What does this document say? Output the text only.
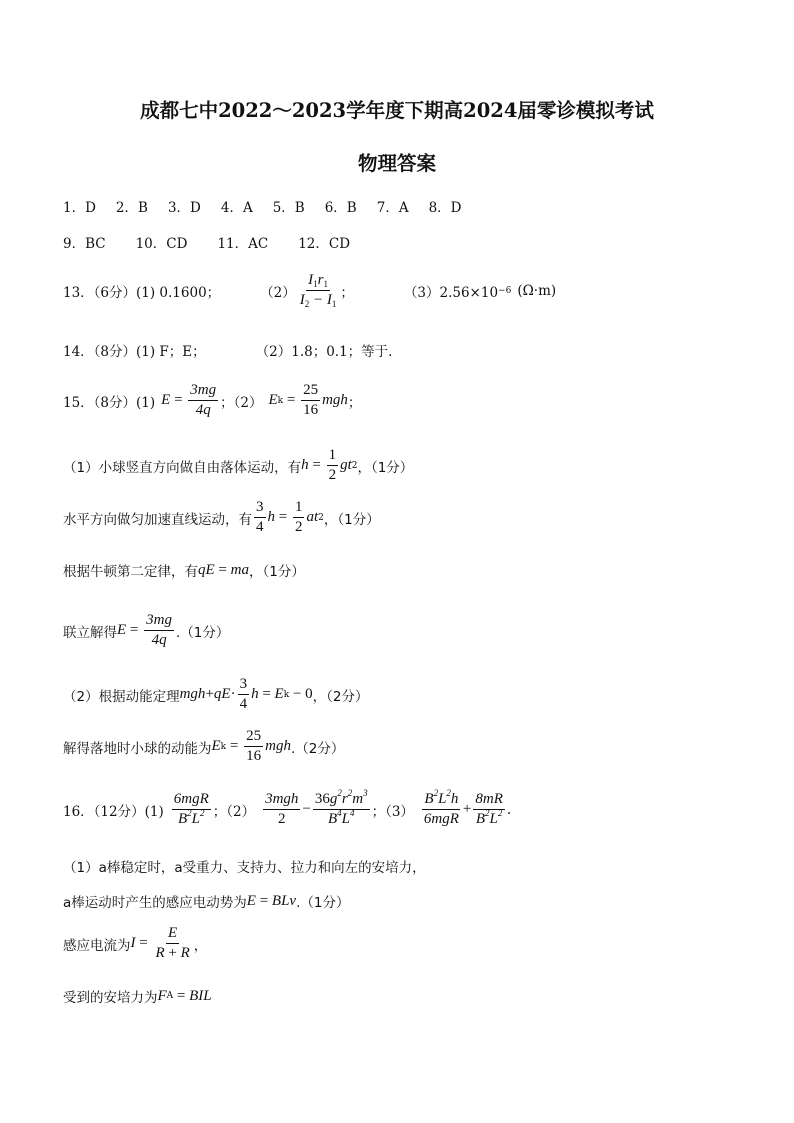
成都七中2022～2023学年度下期高2024届零诊模拟考试
物理答案
1．D 2．B 3．D 4．A 5．B 6．B 7．A 8．D
9．BC 10．CD 11．AC 12．CD
13．（6分）(1) 0.1600；	$(2) \frac{I_1r_1}{I_2 - I_1}$ ；	（3）2.56×10 −6 (Ω·m)
14．（8分）(1) F；E；	（2）1.8；0.1；等于.
15．（8分）(1) $E = \frac{3mg}{4q}$ ；（2） E $k = \frac{25}{16}$ mgh ；
（1）小球竖直方向做自由落体运动，有 $h = \frac{1}{2}$ gt 2 ，（1分）
水平方向做匀加速直线运动，有 $\frac{3}{4}$ $h = \frac{1}{2}$ at 2 ，（1分）
根据牛顿第二定律，有 qE = ma ，（1分）
联立解得 $E = \frac{3mg}{4q} .(1$分）
（2）根据动能定理 mgh + qE · $\frac{3}{4}$ h = E k − 0 ，（2分）
解得落地时小球的动能为 E $k = \frac{25}{16}$ mgh .（2分）
16．（12分）$(1) \frac{\text{6mgR}}{B^2L^2}$ ；$(2) \frac{\text{3mgh}}{2} - \frac{36g^2r^2m^3}{B^4L^4}$ ；$(3) \frac{B^2L^2h}{\text{6mgR}} + \frac{8mR}{B^2L^2}$ .
（1）a棒稳定时，a受重力、支持力、拉力和向左的安培力，
a棒运动时产生的感应电动势为 E = BLv .（1分）
感应电流为 $I = \frac{E}{R + R}$ ，
受到的安培力为 F A = BIL
